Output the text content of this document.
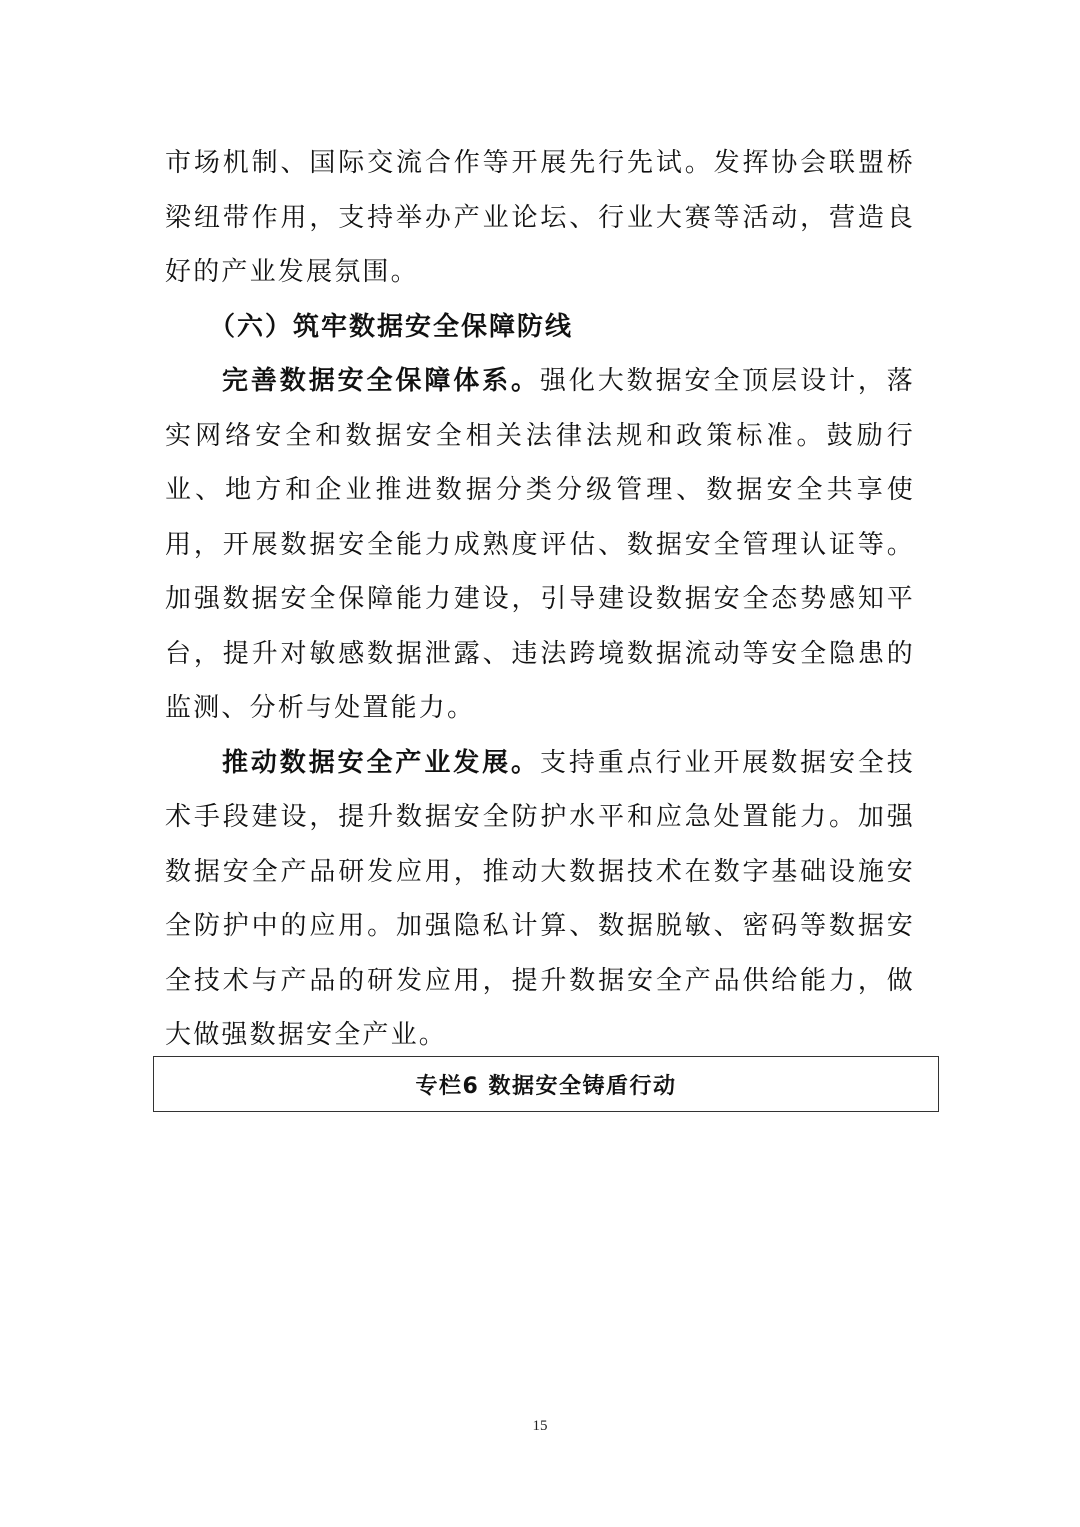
市场机制、国际交流合作等开展先行先试。发挥协会联盟桥梁纽带作用，支持举办产业论坛、行业大赛等活动，营造良好的产业发展氛围。

（六）筑牢数据安全保障防线

完善数据安全保障体系。强化大数据安全顶层设计，落实网络安全和数据安全相关法律法规和政策标准。鼓励行业、地方和企业推进数据分类分级管理、数据安全共享使用，开展数据安全能力成熟度评估、数据安全管理认证等。加强数据安全保障能力建设，引导建设数据安全态势感知平台，提升对敏感数据泄露、违法跨境数据流动等安全隐患的监测、分析与处置能力。

推动数据安全产业发展。支持重点行业开展数据安全技术手段建设，提升数据安全防护水平和应急处置能力。加强数据安全产品研发应用，推动大数据技术在数字基础设施安全防护中的应用。加强隐私计算、数据脱敏、密码等数据安全技术与产品的研发应用，提升数据安全产品供给能力，做大做强数据安全产业。

专栏6 数据安全铸盾行动
15
